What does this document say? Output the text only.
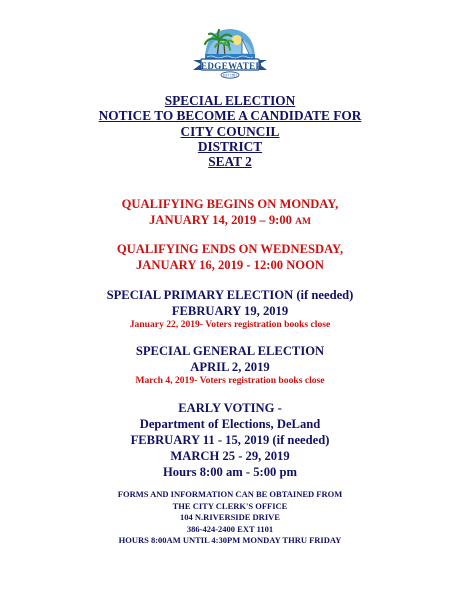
EST 1951
EDGEWATER
SPECIAL ELECTION
NOTICE TO BECOME A CANDIDATE FOR
CITY COUNCIL
DISTRICT
SEAT 2
QUALIFYING BEGINS ON MONDAY,
JANUARY 14, 2019 – 9:00 AM
QUALIFYING ENDS ON WEDNESDAY,
JANUARY 16, 2019 - 12:00 NOON
SPECIAL PRIMARY ELECTION (if needed)
FEBRUARY 19, 2019
January 22, 2019- Voters registration books close
SPECIAL GENERAL ELECTION
APRIL 2, 2019
March 4, 2019- Voters registration books close
EARLY VOTING -
Department of Elections, DeLand
FEBRUARY 11 - 15, 2019 (if needed)
MARCH 25 - 29, 2019
Hours 8:00 am - 5:00 pm
FORMS AND INFORMATION CAN BE OBTAINED FROM
THE CITY CLERK'S OFFICE
104 N.RIVERSIDE DRIVE
386-424-2400 EXT 1101
HOURS 8:00AM UNTIL 4:30PM MONDAY THRU FRIDAY
